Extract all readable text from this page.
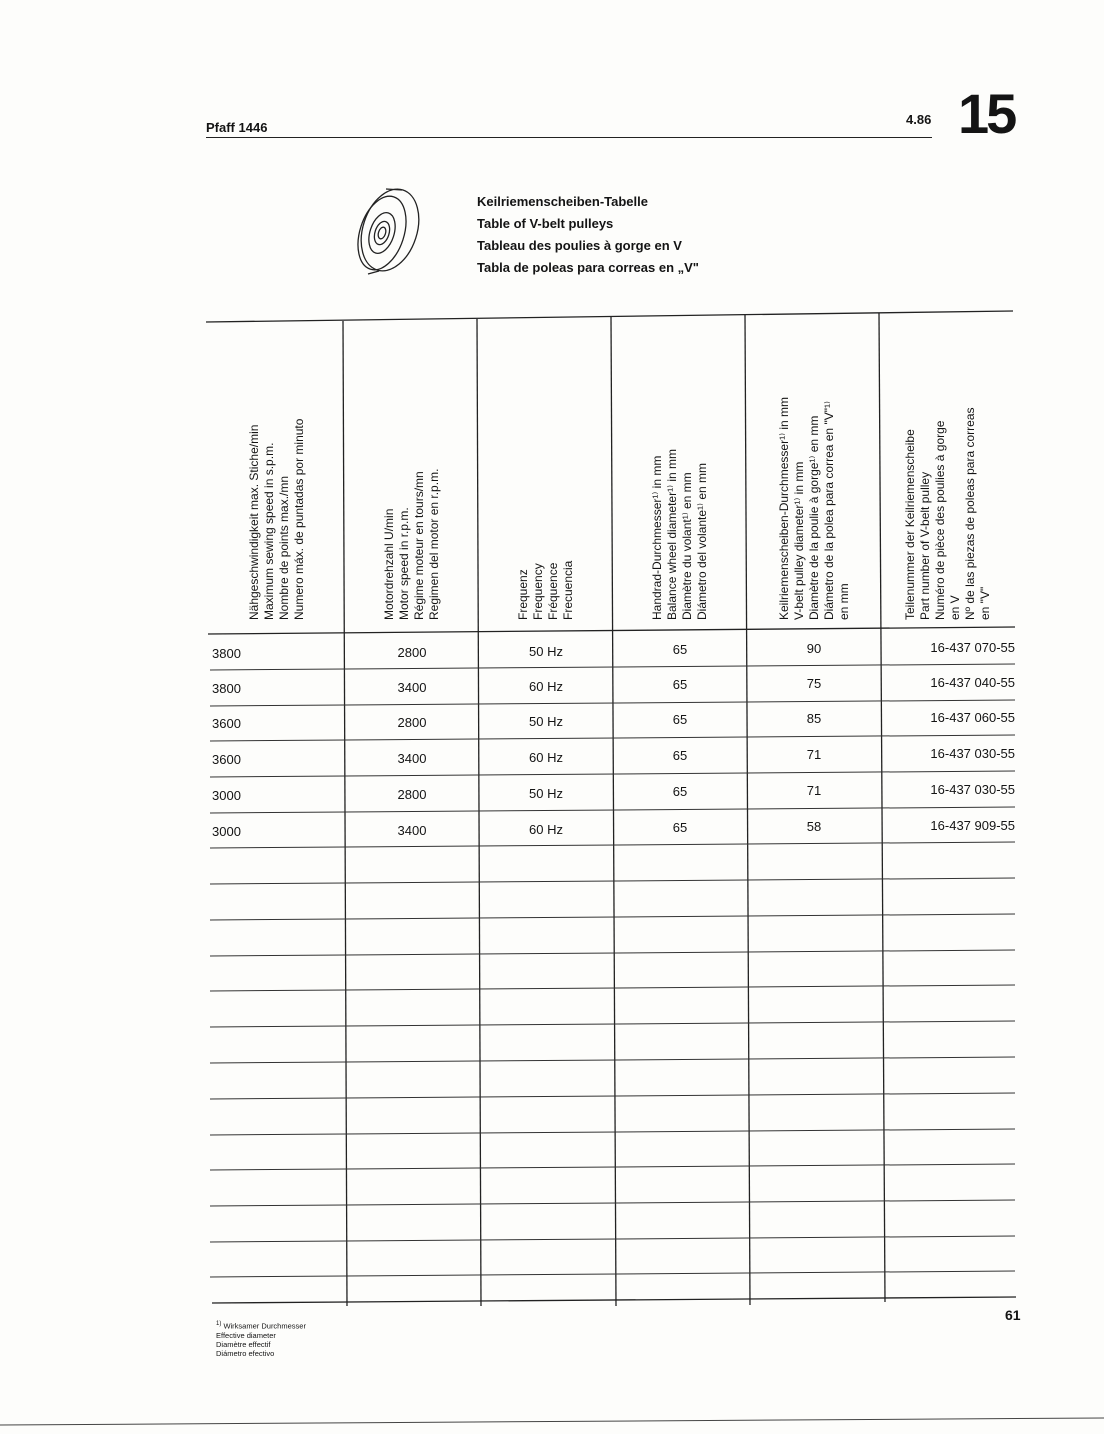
Pfaff 1446
4.86 15
Keilriemenscheiben-Tabelle
Table of V-belt pulleys
Tableau des poulies à gorge en V
Tabla de poleas para correas en „V"
Nähgeschwindigkeit max. Stiche/min Maximum sewing speed in s.p.m. Nombre de points max./mn Numero máx. de puntadas por minuto	Motordrehzahl U/min Motor speed in r.p.m. Régime moteur en tours/mn Regimen del motor en r.p.m.	Frequenz Frequency Fréquence Frecuencia	Handrad-Durchmesser¹⁾ in mm Balance wheel diameter¹⁾ in mm Diamètre du volant¹⁾ en mm Diámetro del volante¹⁾ en mm	Keilriemenscheiben-Durchmesser¹⁾ in mm V-belt pulley diameter¹⁾ in mm Diamètre de la poulie à gorge¹⁾ en mm Diámetro de la polea para correa en "V"¹⁾ en mm	Teilenummer der Keilriemenscheibe Part number of V-belt pulley Numéro de pièce des poulies à gorge en V Nº de las piezas de poleas para correas en "V"
3800	2800	50 Hz	65	90	16-437 070-55
3800	3400	60 Hz	65	75	16-437 040-55
3600	2800	50 Hz	65	85	16-437 060-55
3600	3400	60 Hz	65	71	16-437 030-55
3000	2800	50 Hz	65	71	16-437 030-55
3000	3400	60 Hz	65	58	16-437 909-55
61
$^{1)}$ Wirksamer Durchmesser
Effective diameter
Diamètre effectif
Diámetro efectivo
